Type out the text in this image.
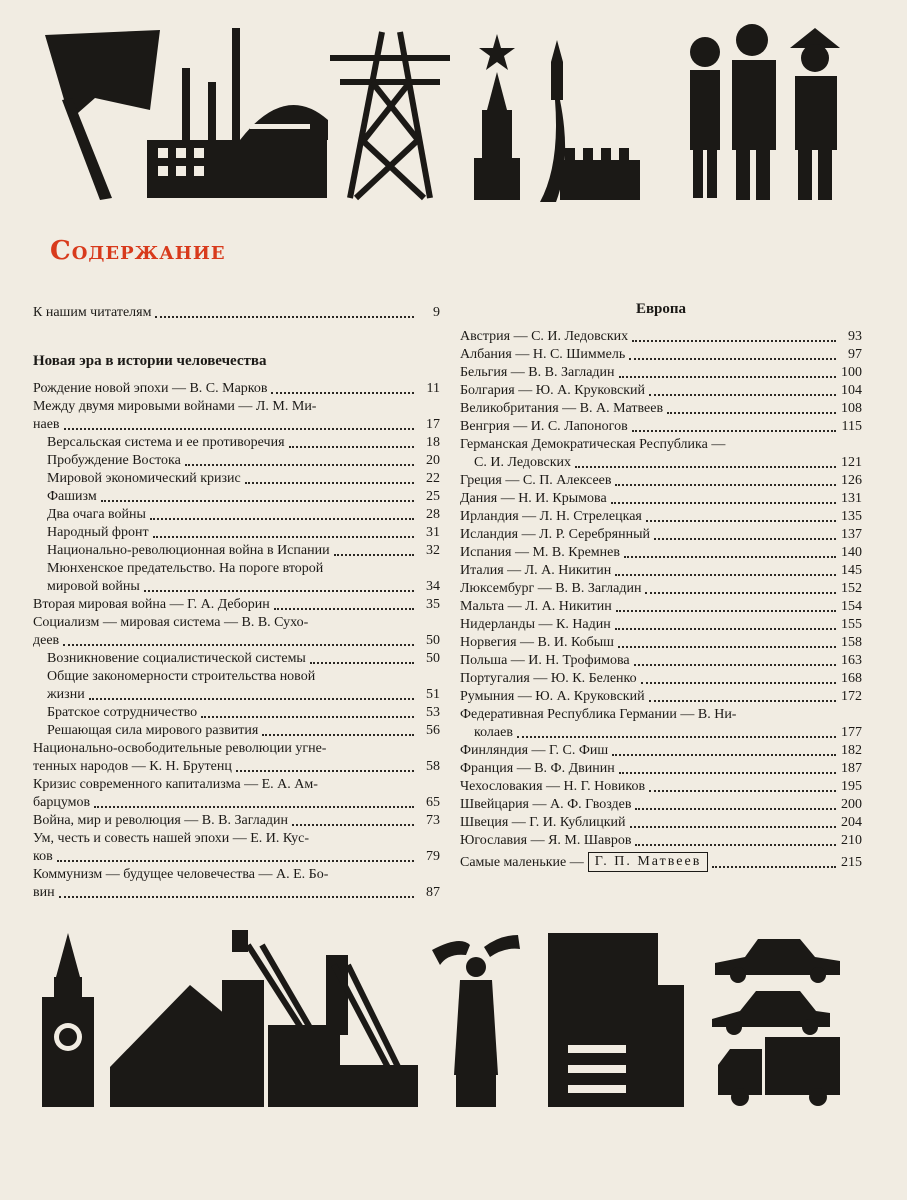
Содержание
К нашим читателям	9
Новая эра в истории человечества
Рождение новой эпохи — В. С. Марков	11
Между двумя мировыми войнами — Л. М. Ми-
наев	17
Версальская система и ее противоречия	18
Пробуждение Востока	20
Мировой экономический кризис	22
Фашизм	25
Два очага войны	28
Народный фронт	31
Национально-революционная война в Испании	32
Мюнхенское предательство. На пороге второй
мировой войны	34
Вторая мировая война — Г. А. Деборин	35
Социализм — мировая система — В. В. Сухо-
деев	50
Возникновение социалистической системы	50
Общие закономерности строительства новой
жизни	51
Братское сотрудничество	53
Решающая сила мирового развития	56
Национально-освободительные революции угне-
тенных народов — К. Н. Брутенц	58
Кризис современного капитализма — Е. А. Ам-
барцумов	65
Война, мир и революция — В. В. Загладин	73
Ум, честь и совесть нашей эпохи — Е. И. Кус-
ков	79
Коммунизм — будущее человечества — А. Е. Бо-
вин	87
Европа
Австрия — С. И. Ледовских	93
Албания — Н. С. Шиммель	97
Бельгия — В. В. Загладин	100
Болгария — Ю. А. Круковский	104
Великобритания — В. А. Матвеев	108
Венгрия — И. С. Лапоногов	115
Германская Демократическая Республика —
С. И. Ледовских	121
Греция — С. П. Алексеев	126
Дания — Н. И. Крымова	131
Ирландия — Л. Н. Стрелецкая	135
Исландия — Л. Р. Серебрянный	137
Испания — М. В. Кремнев	140
Италия — Л. А. Никитин	145
Люксембург — В. В. Загладин	152
Мальта — Л. А. Никитин	154
Нидерланды — К. Надин	155
Норвегия — В. И. Кобыш	158
Польша — И. Н. Трофимова	163
Португалия — Ю. К. Беленко	168
Румыния — Ю. А. Круковский	172
Федеративная Республика Германии — В. Ни-
колаев	177
Финляндия — Г. С. Фиш	182
Франция — В. Ф. Двинин	187
Чехословакия — Н. Г. Новиков	195
Швейцария — А. Ф. Гвоздев	200
Швеция — Г. И. Кублицкий	204
Югославия — Я. М. Шавров	210
Самые маленькие — Г. П. Матвеев	215
